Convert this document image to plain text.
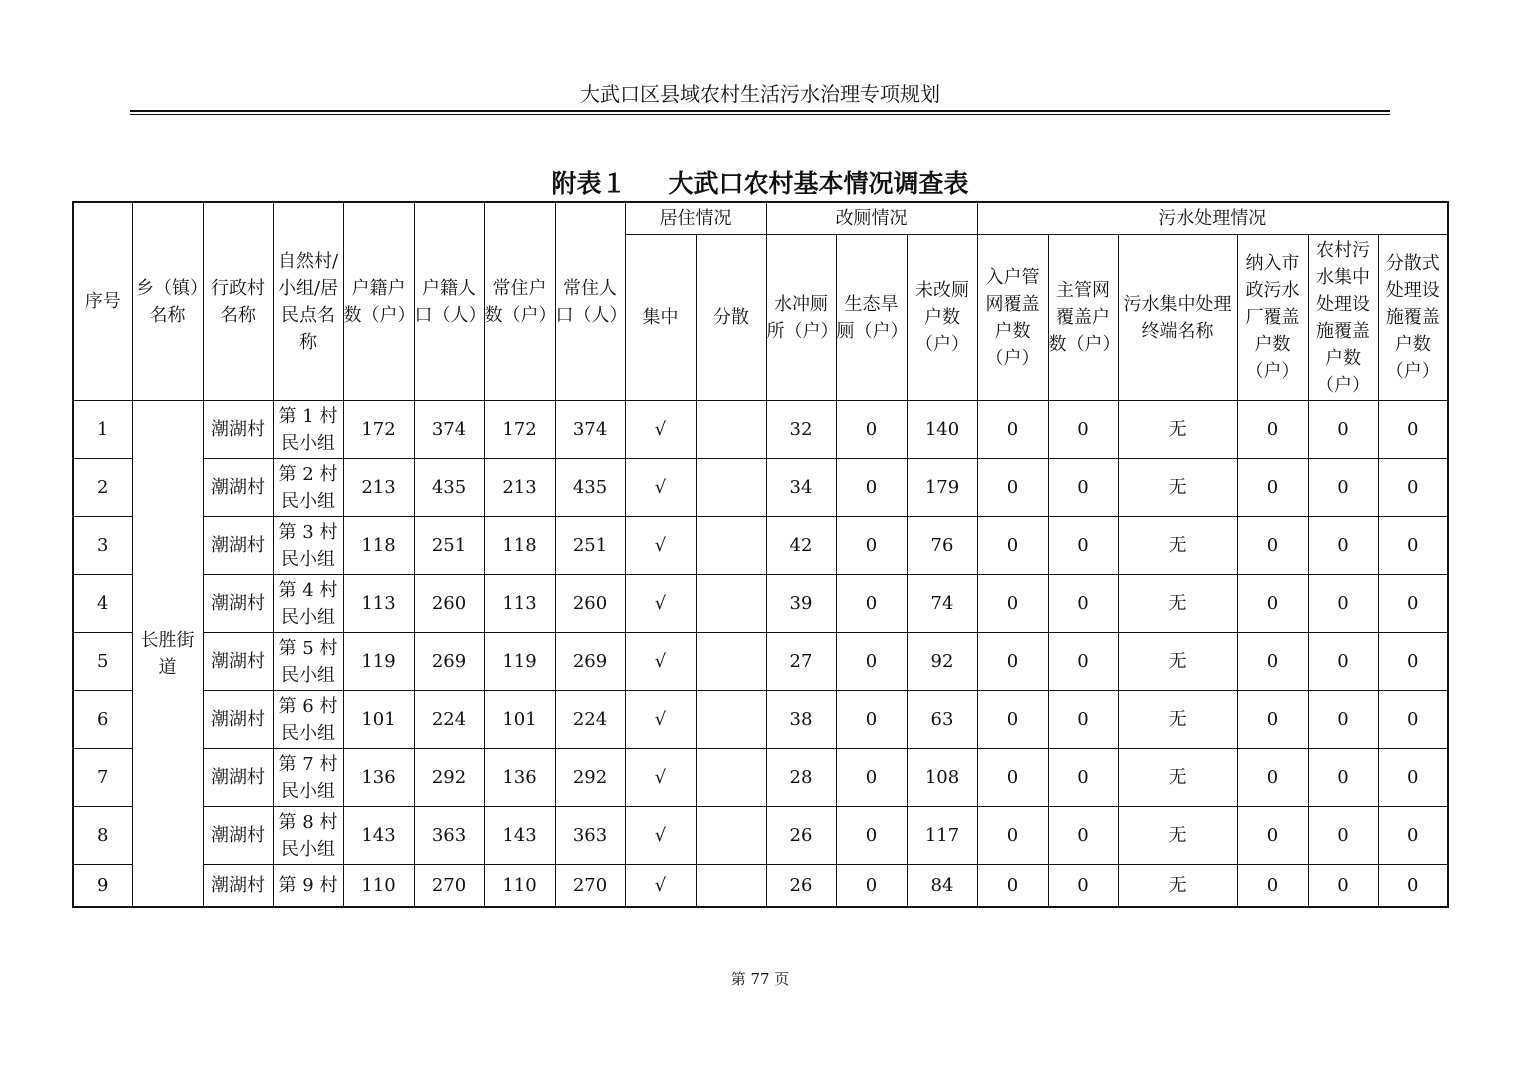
大武口区县域农村生活污水治理专项规划
附表１ 大武口农村基本情况调查表
序号	乡（镇）名称	行政村名称	自然村/小组/居民点名称	户籍户数（户）	户籍人口（人）	常住户数（户）	常住人口（人）	居住情况		改厕情况			污水处理情况					
								集中	分散	水冲厕所（户）	生态旱厕（户）	未改厕户数（户）	入户管网覆盖户数（户）	主管网覆盖户数（户）	污水集中处理终端名称	纳入市政污水厂覆盖户数（户）	农村污水集中处理设施覆盖户数（户）	分散式处理设施覆盖户数（户）
1	长胜街道	潮湖村	第 1 村民小组	172	374	172	374	√		32	0	140	0	0	无	0	0	0
2		潮湖村	第 2 村民小组	213	435	213	435	√		34	0	179	0	0	无	0	0	0
3		潮湖村	第 3 村民小组	118	251	118	251	√		42	0	76	0	0	无	0	0	0
4		潮湖村	第 4 村民小组	113	260	113	260	√		39	0	74	0	0	无	0	0	0
5		潮湖村	第 5 村民小组	119	269	119	269	√		27	0	92	0	0	无	0	0	0
6		潮湖村	第 6 村民小组	101	224	101	224	√		38	0	63	0	0	无	0	0	0
7		潮湖村	第 7 村民小组	136	292	136	292	√		28	0	108	0	0	无	0	0	0
8		潮湖村	第 8 村民小组	143	363	143	363	√		26	0	117	0	0	无	0	0	0
9		潮湖村	第 9 村	110	270	110	270	√		26	0	84	0	0	无	0	0	0
第 77 页
